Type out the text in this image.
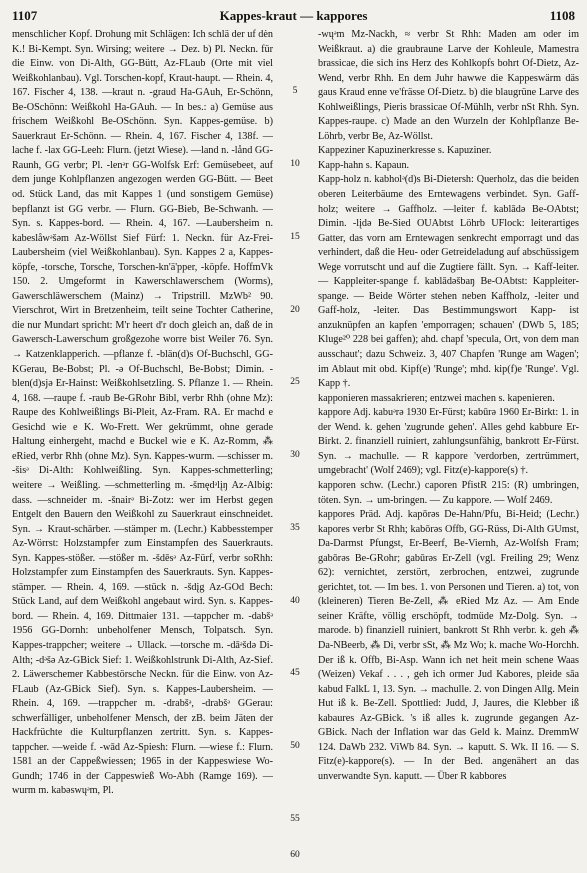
1107	Kappes-kraut — kappores	1108

menschlicher Kopf. Drohung mit Schlägen: Ich schlä der uf dėn K.! Bi-Kempt. Syn. Wirsing; weitere → Dez. b) Pl. Neckn. für die Einw. von Di-Alth, GG-Bütt, Az-FLaub (Orte mit viel Weißkohlanbau). Vgl. Torschen-kopf, Kraut-haupt. — Rhein. 4, 167. Fischer 4, 138. —kraut n. -graud Ha-GAuh, Er-Schönn, Be-OSchönn: Weißkohl Ha-GAuh. — In bes.: a) Gemüse aus frischem Weißkohl Be-OSchönn. Syn. Kappes-gemüse. b) Sauerkraut Er-Schönn. — Rhein. 4, 167. Fischer 4, 138f. —lache f. -lax GG-Leeh: Flurn. (jetzt Wiese). —land n. -lånd GG-Raunh, GG verbr; Pl. -lenᵊr GG-Wolfsk Erf: Gemüsebeet, auf dem junge Kohlpflanzen angezogen werden GG-Bütt. — Beet od. Stück Land, das mit Kappes 1 (und sonstigem Gemüse) bepflanzt ist GG verbr. — Flurn. GG-Bieb, Be-Schwanh. — Syn. s. Kappes-bord. — Rhein. 4, 167. —Laubersheim n. kabeslåwᵊšəm Az-Wöllst Sief Fürf: 1. Neckn. für Az-Frei-Laubersheim (viel Weißkohlanbau). Syn. Kappes 2 a, Kappes-köpfe, -torsche, Torsche, Torschen-kn'ä'pper, -köpfe. HoffmVk 150. 2. Umgeformt in Kawerschlawerschem (Worms), Gawerschläwerschem (Mainz) → Tripstrill. MzWb² 90. Vierschrot, Wirt in Bretzenheim, teilt seine Tochter Catherine, die nur Mundart spricht: M'r heert d'r doch gleich an, daß de in Gawersch-Lawerschum großgezohe worre bist Weiler 76. Syn. → Katzenklapperich. —pflanze f. -blän(d)s Of-Buchschl, GG-KGerau, Be-Bobst; Pl. -ə Of-Buchschl, Be-Bobst; Dimin. -blen(d)sjə Er-Hainst: Weißkohlsetzling. S. Pflanze 1. — Rhein. 4, 168. —raupe f. -raub Be-GRohr Bibl, verbr Rhh (ohne Mz): Raupe des Kohlweißlings Bi-Pleit, Az-Fram. RA. Er machd e Gesichd wie e K. Wo-Frett. Wer gekrümmt, ohne gerade Haltung einhergeht, machd e Buckel wie e K. Az-Romm, ⁂ eRied, verbr Rhh (ohne Mz). Syn. Kappes-wurm. —schisser m. -šisᵊ Di-Alth: Kohlweißling. Syn. Kappes-schmetterling; weitere → Weißling. —schmetterling m. -šmędᵊlįŋ Az-Albig: dass. —schneider m. -šnairᵊ Bi-Zotz: wer im Herbst gegen Entgelt den Bauern den Weißkohl zu Sauerkraut einschneidet. Syn. → Kraut-schärber. —stämper m. (Lechr.) Kabbesstemper Az-Wörrst: Holzstampfer zum Einstampfen des Sauerkrauts. Syn. Kappes-stößer. —stößer m. -šdēsᵊ Az-Fürf, verbr soRhh: Holzstampfer zum Einstampfen des Sauerkrauts. Syn. Kappes-stämper. — Rhein. 4, 169. —stück n. -šdįg Az-GOd Bech: Stück Land, auf dem Weißkohl angebaut wird. Syn. s. Kappes-bord. — Rhein. 4, 169. Dittmaier 131. —tappcher m. -dabšᵊ 1956 GG-Dornh: unbeholfener Mensch, Tolpatsch. Syn. Kappes-trappcher; weitere → Ullack. —torsche m. -dāᵊšdə Di-Alth; -dᵊšə Az-GBick Sief: 1. Weißkohlstrunk Di-Alth, Az-Sief. 2. Läwerschemer Kabbestörsche Neckn. für die Einw. von Az-FLaub (Az-GBick Sief). Syn. s. Kappes-Laubersheim. — Rhein. 4, 169. —trappcher m. -drabšᵊ, -drabšᵊ GGerau: schwerfälliger, unbeholfener Mensch, der zB. beim Jäten der Hackfrüchte die Kulturpflanzen zertritt. Syn. s. Kappes-tappcher. —weide f. -wād Az-Spiesh: Flurn. —wiese f.: Flurn. 1581 an der Cappeßwiessen; 1965 in der Kappeswiese Wo-Gundh; 1746 in der Cappeswieß Wo-Abh (Ramge 169). —wurm m. kabəswųᵊm, Pl.

5
10
15
20
25
30
35
40
45
50
55
60

-wųᵊm Mz-Nackh, ≈ verbr St Rhh: Maden am oder im Weißkraut. a) die graubraune Larve der Kohleule, Mamestra brassicae, die sich ins Herz des Kohlkopfs bohrt Of-Dietz, Az-Wend, verbr Rhh. En dem Juhr hawwe die Kappeswärm däs gaus Kraud enne ve'frässe Of-Dietz. b) die blaugrüne Larve des Kohlweißlings, Pieris brassicae Of-Mühlh, verbr nSt Rhh. Syn. Kappes-raupe. c) Made an den Wurzeln der Kohlpflanze Be-Löhrb, verbr Be, Az-Wöllst.

Kappeziner Kapuzinerkresse s. Kapuziner.

Kapp-hahn s. Kapaun.

Kapp-holz n. kabholᵊ(d)s Bi-Dietersh: Querholz, das die beiden oberen Leiterbäume des Erntewagens verbindet. Syn. Gaff-holz; weitere → Gaffholz. —leiter f. kablādə Be-OAbtst; Dimin. -lįdə Be-Sied OUAbtst Löhrb UFlock: leiterartiges Gatter, das vorn am Erntewagen senkrecht emporragt und das verhindert, daß die Heu- oder Getreideladung auf abschüssigem Wege vorrutscht und auf die Zugtiere fällt. Syn. → Kaff-leiter. — Kappleiter-spange f. kablādəšbaŋ Be-OAbtst: Kappleiter-spange. — Beide Wörter stehen neben Kaffholz, -leiter und Gaff-holz, -leiter. Das Bestimmungswort Kapp- ist anzuknüpfen an kapfen 'emporragen; schauen' (DWb 5, 185; Kluge²⁰ 228 bei gaffen); ahd. chapf 'specula, Ort, von dem man ausschaut'; dazu Schweiz. 3, 407 Chapfen 'Runge am Wagen'; im Ablaut mit obd. Kipf(e) 'Runge'; mhd. kip(f)e 'Runge'. Vgl. Kapp †.

kapponieren massakrieren; entzwei machen s. kapenieren.

kappore Adj. kabuᵊrə 1930 Er-Fürst; kabūrə 1960 Er-Birkt: 1. in der Wend. k. gehen 'zugrunde gehen'. Alles gehd kabbure Er-Birkt. 2. finanziell ruiniert, zahlungsunfähig, bankrott Er-Fürst. Syn. → machulle. — R kappore 'verdorben, zertrümmert, umgebracht' (Wolf 2469); vgl. Fitz(e)-kappore(s) †.

kapporen schw. (Lechr.) caporen PfistR 215: (R) umbringen, töten. Syn. → um-bringen. — Zu kappore. — Wolf 2469.

kappores Präd. Adj. kapōrəs De-Hahn/Pfu, Bi-Heid; (Lechr.) kapores verbr St Rhh; kabōrəs Offb, GG-Rüss, Di-Alth GUmst, Da-Darmst Pfungst, Er-Beerf, Be-Viernh, Az-Wolfsh Fram; gabōrəs Be-GRohr; gabūrəs Er-Zell (vgl. Freiling 29; Wenz 62): vernichtet, zerstört, zerbrochen, entzwei, zugrunde gerichtet, tot. — Im bes. 1. von Personen und Tieren. a) tot, von (kleineren) Tieren Be-Zell, ⁂ eRied Mz Az. — Am Ende seiner Kräfte, völlig erschöpft, todmüde Mz-Dolg. Syn. → marode. b) finanziell ruiniert, bankrott St Rhh verbr. k. geh ⁂ Da-NBeerb, ⁂ Di, verbr sSt, ⁂ Mz Wo; k. mache Wo-Horchh. Der iß k. Offb, Bi-Asp. Wann ich net heit mein schene Waas (Weizen) Vekaf . . . , geh ich ormer Jud Kabores, pleide sāa kabud FalkL 1, 13. Syn. → machulle. 2. von Dingen Allg. Mein Hut iß k. Be-Zell. Spottlied: Judd, J, Jaures, die Klebber iß kabaures Az-GBick. 's iß alles k. zugrunde gegangen Az-GBick. Nach der Inflation war das Geld k. Mainz. DremmW 124. DaWb 232. ViWb 84. Syn. → kaputt. S. Wk. II 16. — S. Fitz(e)-kappore(s). — In der Bed. angenähert an das unverwandte Syn. kaputt. — Über R kabbores
